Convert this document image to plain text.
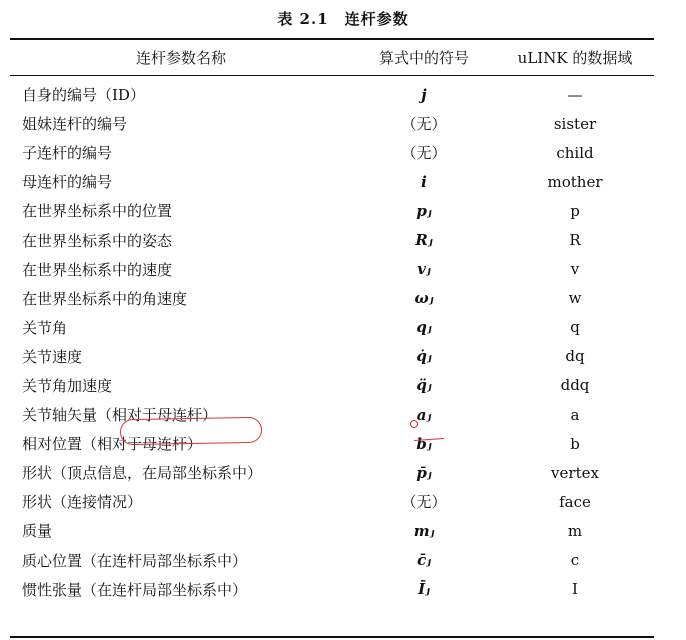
表 2.1　连杆参数
连杆参数名称	算式中的符号	uLINK 的数据域
自身的编号（ID）	j	—
姐妹连杆的编号	（无）	sister
子连杆的编号	（无）	child
母连杆的编号	i	mother
在世界坐标系中的位置	pⱼ	p
在世界坐标系中的姿态	Rⱼ	R
在世界坐标系中的速度	vⱼ	v
在世界坐标系中的角速度	ωⱼ	w
关节角	qⱼ	q
关节速度	q̇ⱼ	dq
关节角加速度	q̈ⱼ	ddq
关节轴矢量（相对于母连杆）	aⱼ	a
相对位置（相对于母连杆）	bⱼ	b
形状（顶点信息，在局部坐标系中）	p̄ⱼ	vertex
形状（连接情况）	（无）	face
质量	mⱼ	m
质心位置（在连杆局部坐标系中）	c̄ⱼ	c
惯性张量（在连杆局部坐标系中）	Īⱼ	I
